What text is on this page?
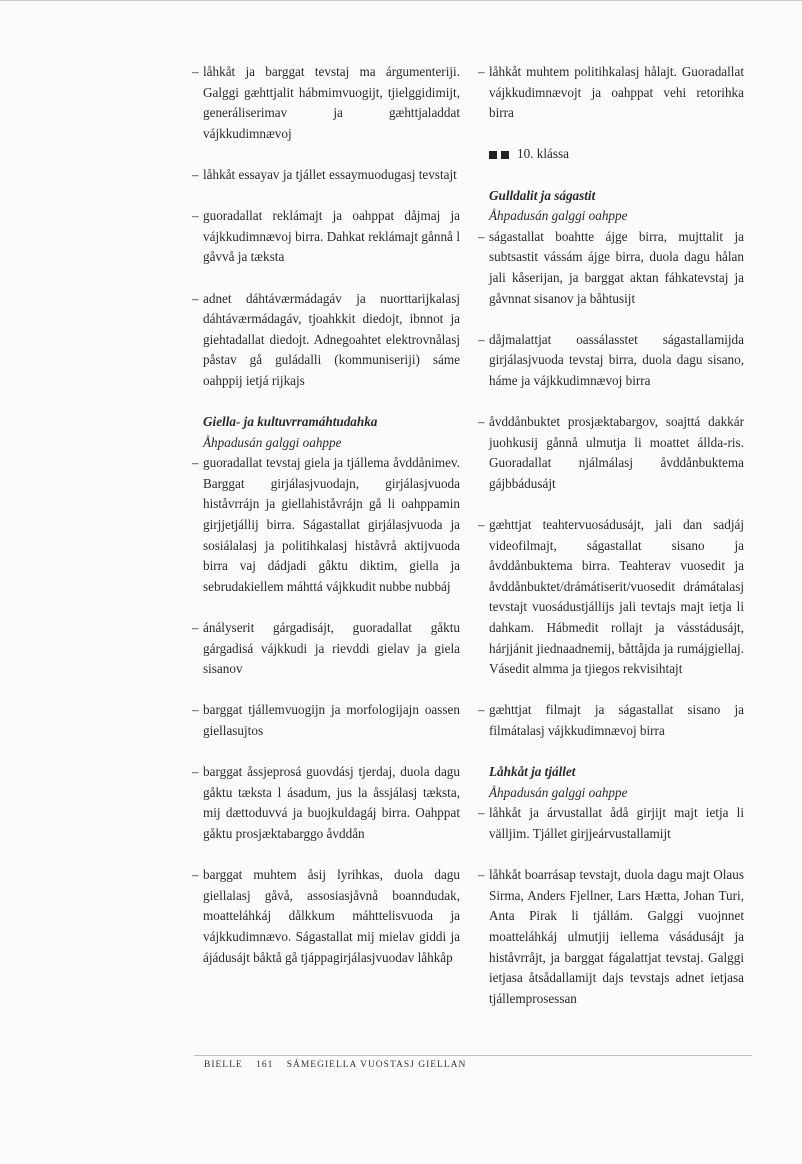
– låhkåt ja barggat tevstaj ma árgumenteriji. Galggi gæhttjalit hábmimvuogijt, tjielggidimijt, generáliserimav ja gæhttjaladdat vájkkudimnævoj
– låhkåt essayav ja tjállet essaymuodugasj tevstajt
– guoradallat reklámajt ja oahppat dåjmaj ja vájkkudimnævoj birra. Dahkat reklámajt gånnå l gåvvå ja tæksta
– adnet dáhtáværmádagáv ja nuorttarijkalasj dáhtáværmádagáv, tjoahkkit diedojt, ibnnot ja giehtadallat diedojt. Adnegoahtet elektrovnålasj påstav gå guládalli (kommuniseriji) sáme oahppij ietjá rijkajs
Giella- ja kultuvrramáhtudahka
Åhpadusán galggi oahppe
– guoradallat tevstaj giela ja tjállema åvddånimev. Barggat girjálasjvuodajn, girjálasjvuoda histåvrrájn ja giellahiståvrájn gå li oahppamin girjjetjállij birra. Ságastallat girjálasjvuoda ja sosiálalasj ja politihkalasj histåvrå aktijvuoda birra vaj dádjadi gåktu diktim, giella ja sebrudakiellem máhttá vájkkudit nubbe nubbáj
– ánályserit gárgadisájt, guoradallat gåktu gárgadisá vájkkudi ja rievddi gielav ja giela sisanov
– barggat tjállemvuogijn ja morfologijajn oassen giellasujtos
– barggat åssjeprosá guovdásj tjerdaj, duola dagu gåktu tæksta l ásadum, jus la åssjálasj tæksta, mij dættoduvvá ja buojkuldagáj birra. Oahppat gåktu prosjæktabarggo åvddån
– barggat muhtem åsij lyrihkas, duola dagu giellalasj gåvå, assosiasjåvnå boanndudak, moatteláhkáj dålkkum máhttelisvuoda ja vájkkudimnævo. Ságastallat mij mielav giddi ja ájádusájt båktå gå tjáppagirjálasjvuodav låhkåp
– låhkåt muhtem politihkalasj hålajt. Guoradallat vájkkudimnævojt ja oahppat vehi retorihka birra
10. klássa
Gulldalit ja ságastit
Åhpadusán galggi oahppe
– ságastallat boahtte ájge birra, mujttalit ja subtsastit vássám ájge birra, duola dagu hålan jali kåserijan, ja barggat aktan fáhkatevstaj ja gåvnnat sisanov ja båhtusijt
– dåjmalattjat oassálasstet ságastallamijda girjálasjvuoda tevstaj birra, duola dagu sisano, háme ja vájkkudimnævoj birra
– åvddånbuktet prosjæktabargov, soajttá dakkár juohkusij gånnå ulmutja li moattet állda-ris. Guoradallat njálmálasj åvddånbuktema gájbbádusájt
– gæhttjat teahtervuosádusájt, jali dan sadjáj videofilmajt, ságastallat sisano ja åvddånbuktema birra. Teahterav vuosedit ja åvddånbuktet/drámátiserit/vuosedit drámátalasj tevstajt vuosádustjállijs jali tevtajs majt ietja li dahkam. Hábmedit rollajt ja vásstádusájt, hárjjánit jiednaadnemij, båttåjda ja rumájgiellaj. Vásedit almma ja tjiegos rekvisihtajt
– gæhttjat filmajt ja ságastallat sisano ja filmátalasj vájkkudimnævoj birra
Låhkåt ja tjállet
Åhpadusán galggi oahppe
– låhkåt ja árvustallat ådå girjijt majt ietja li välljim. Tjállet girjjeárvustallamijt
– låhkåt boarrásap tevstajt, duola dagu majt Olaus Sirma, Anders Fjellner, Lars Hætta, Johan Turi, Anta Pirak li tjállám. Galggi vuojnnet moatteláhkáj ulmutjij iellema vásádusájt ja histåvrråjt, ja barggat fágalattjat tevstaj. Galggi ietjasa åtsådallamijt dajs tevstajs adnet ietjasa tjállemprosessan
BIELLE 161 SÁMEGIELLA VUOSTASJ GIELLAN
